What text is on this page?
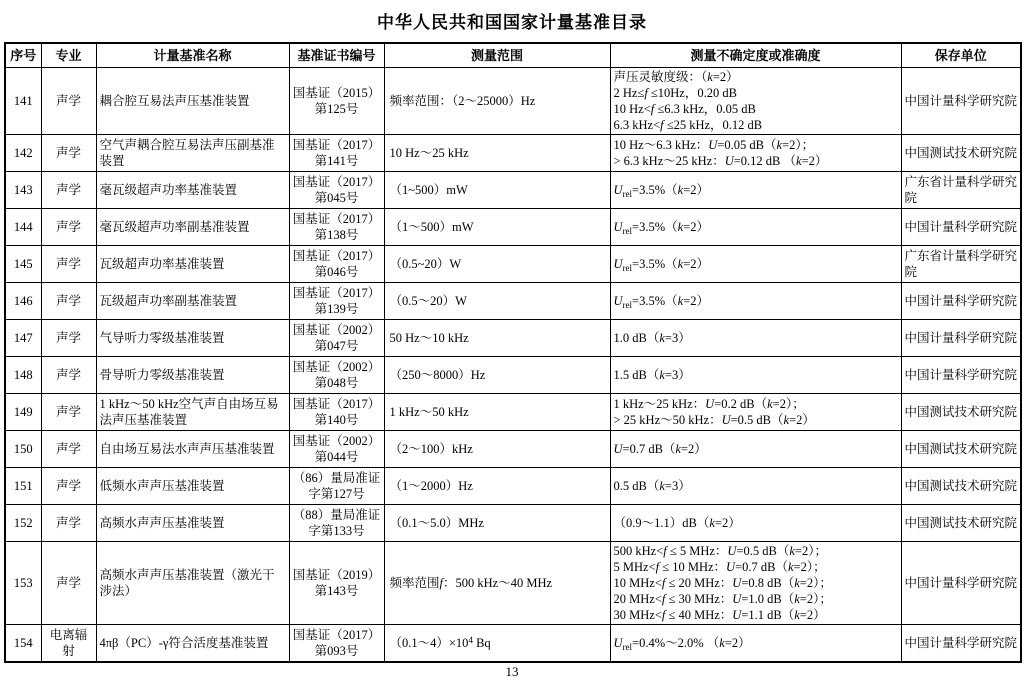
中华人民共和国国家计量基准目录
序号	专业	计量基准名称	基准证书编号	测量范围	测量不确定度或准确度	保存单位
141	声学	耦合腔互易法声压基准装置	国基证（2015）
第125号	频率范围：（2～25000）Hz	声压灵敏度级：（k=2）
2 Hz≤f ≤10Hz，0.20 dB
10 Hz<f ≤6.3 kHz，0.05 dB
6.3 kHz<f ≤25 kHz，0.12 dB	中国计量科学研究院
142	声学	空气声耦合腔互易法声压副基准装置	国基证（2017）
第141号	10 Hz～25 kHz	10 Hz～6.3 kHz：U=0.05 dB（k=2）；
> 6.3 kHz～25 kHz：U=0.12 dB （k=2）	中国测试技术研究院
143	声学	毫瓦级超声功率基准装置	国基证（2017）
第045号	（1~500）mW	$U_{rel}=3.5\%(k=2)$	广东省计量科学研究院
144	声学	毫瓦级超声功率副基准装置	国基证（2017）
第138号	（1～500）mW	$U_{rel}=3.5\%(k=2)$	中国计量科学研究院
145	声学	瓦级超声功率基准装置	国基证（2017）
第046号	（0.5~20）W	$U_{rel}=3.5\%(k=2)$	广东省计量科学研究院
146	声学	瓦级超声功率副基准装置	国基证（2017）
第139号	（0.5～20）W	$U_{rel}=3.5\%(k=2)$	中国计量科学研究院
147	声学	气导听力零级基准装置	国基证（2002）
第047号	50 Hz～10 kHz	1.0 dB（k=3）	中国计量科学研究院
148	声学	骨导听力零级基准装置	国基证（2002）
第048号	（250～8000）Hz	1.5 dB（k=3）	中国计量科学研究院
149	声学	1 kHz～50 kHz空气声自由场互易法声压基准装置	国基证（2017）
第140号	1 kHz～50 kHz	1 kHz～25 kHz：U=0.2 dB（k=2）；
> 25 kHz～50 kHz：U=0.5 dB（k=2）	中国测试技术研究院
150	声学	自由场互易法水声声压基准装置	国基证（2002）
第044号	（2～100）kHz	U=0.7 dB（k=2）	中国测试技术研究院
151	声学	低频水声声压基准装置	（86）量局准证
字第127号	（1～2000）Hz	0.5 dB（k=3）	中国测试技术研究院
152	声学	高频水声声压基准装置	（88）量局准证
字第133号	（0.1～5.0）MHz	（0.9～1.1）dB（k=2）	中国测试技术研究院
153	声学	高频水声声压基准装置（激光干涉法）	国基证（2019）
第143号	频率范围f：500 kHz～40 MHz	500 kHz<f ≤ 5 MHz：U=0.5 dB（k=2）；
5 MHz<f ≤ 10 MHz：U=0.7 dB（k=2）；
10 MHz<f ≤ 20 MHz：U=0.8 dB（k=2）；
20 MHz<f ≤ 30 MHz：U=1.0 dB（k=2）；
30 MHz<f ≤ 40 MHz：U=1.1 dB（k=2）	中国计量科学研究院
154	电离辐射	4πβ（PC）-γ符合活度基准装置	国基证（2017）
第093号	$(0.1\sim 4)\times 10^4$ Bq	$U_{rel}=0.4\%\sim 2.0\%$ （k=2）	中国计量科学研究院
13
